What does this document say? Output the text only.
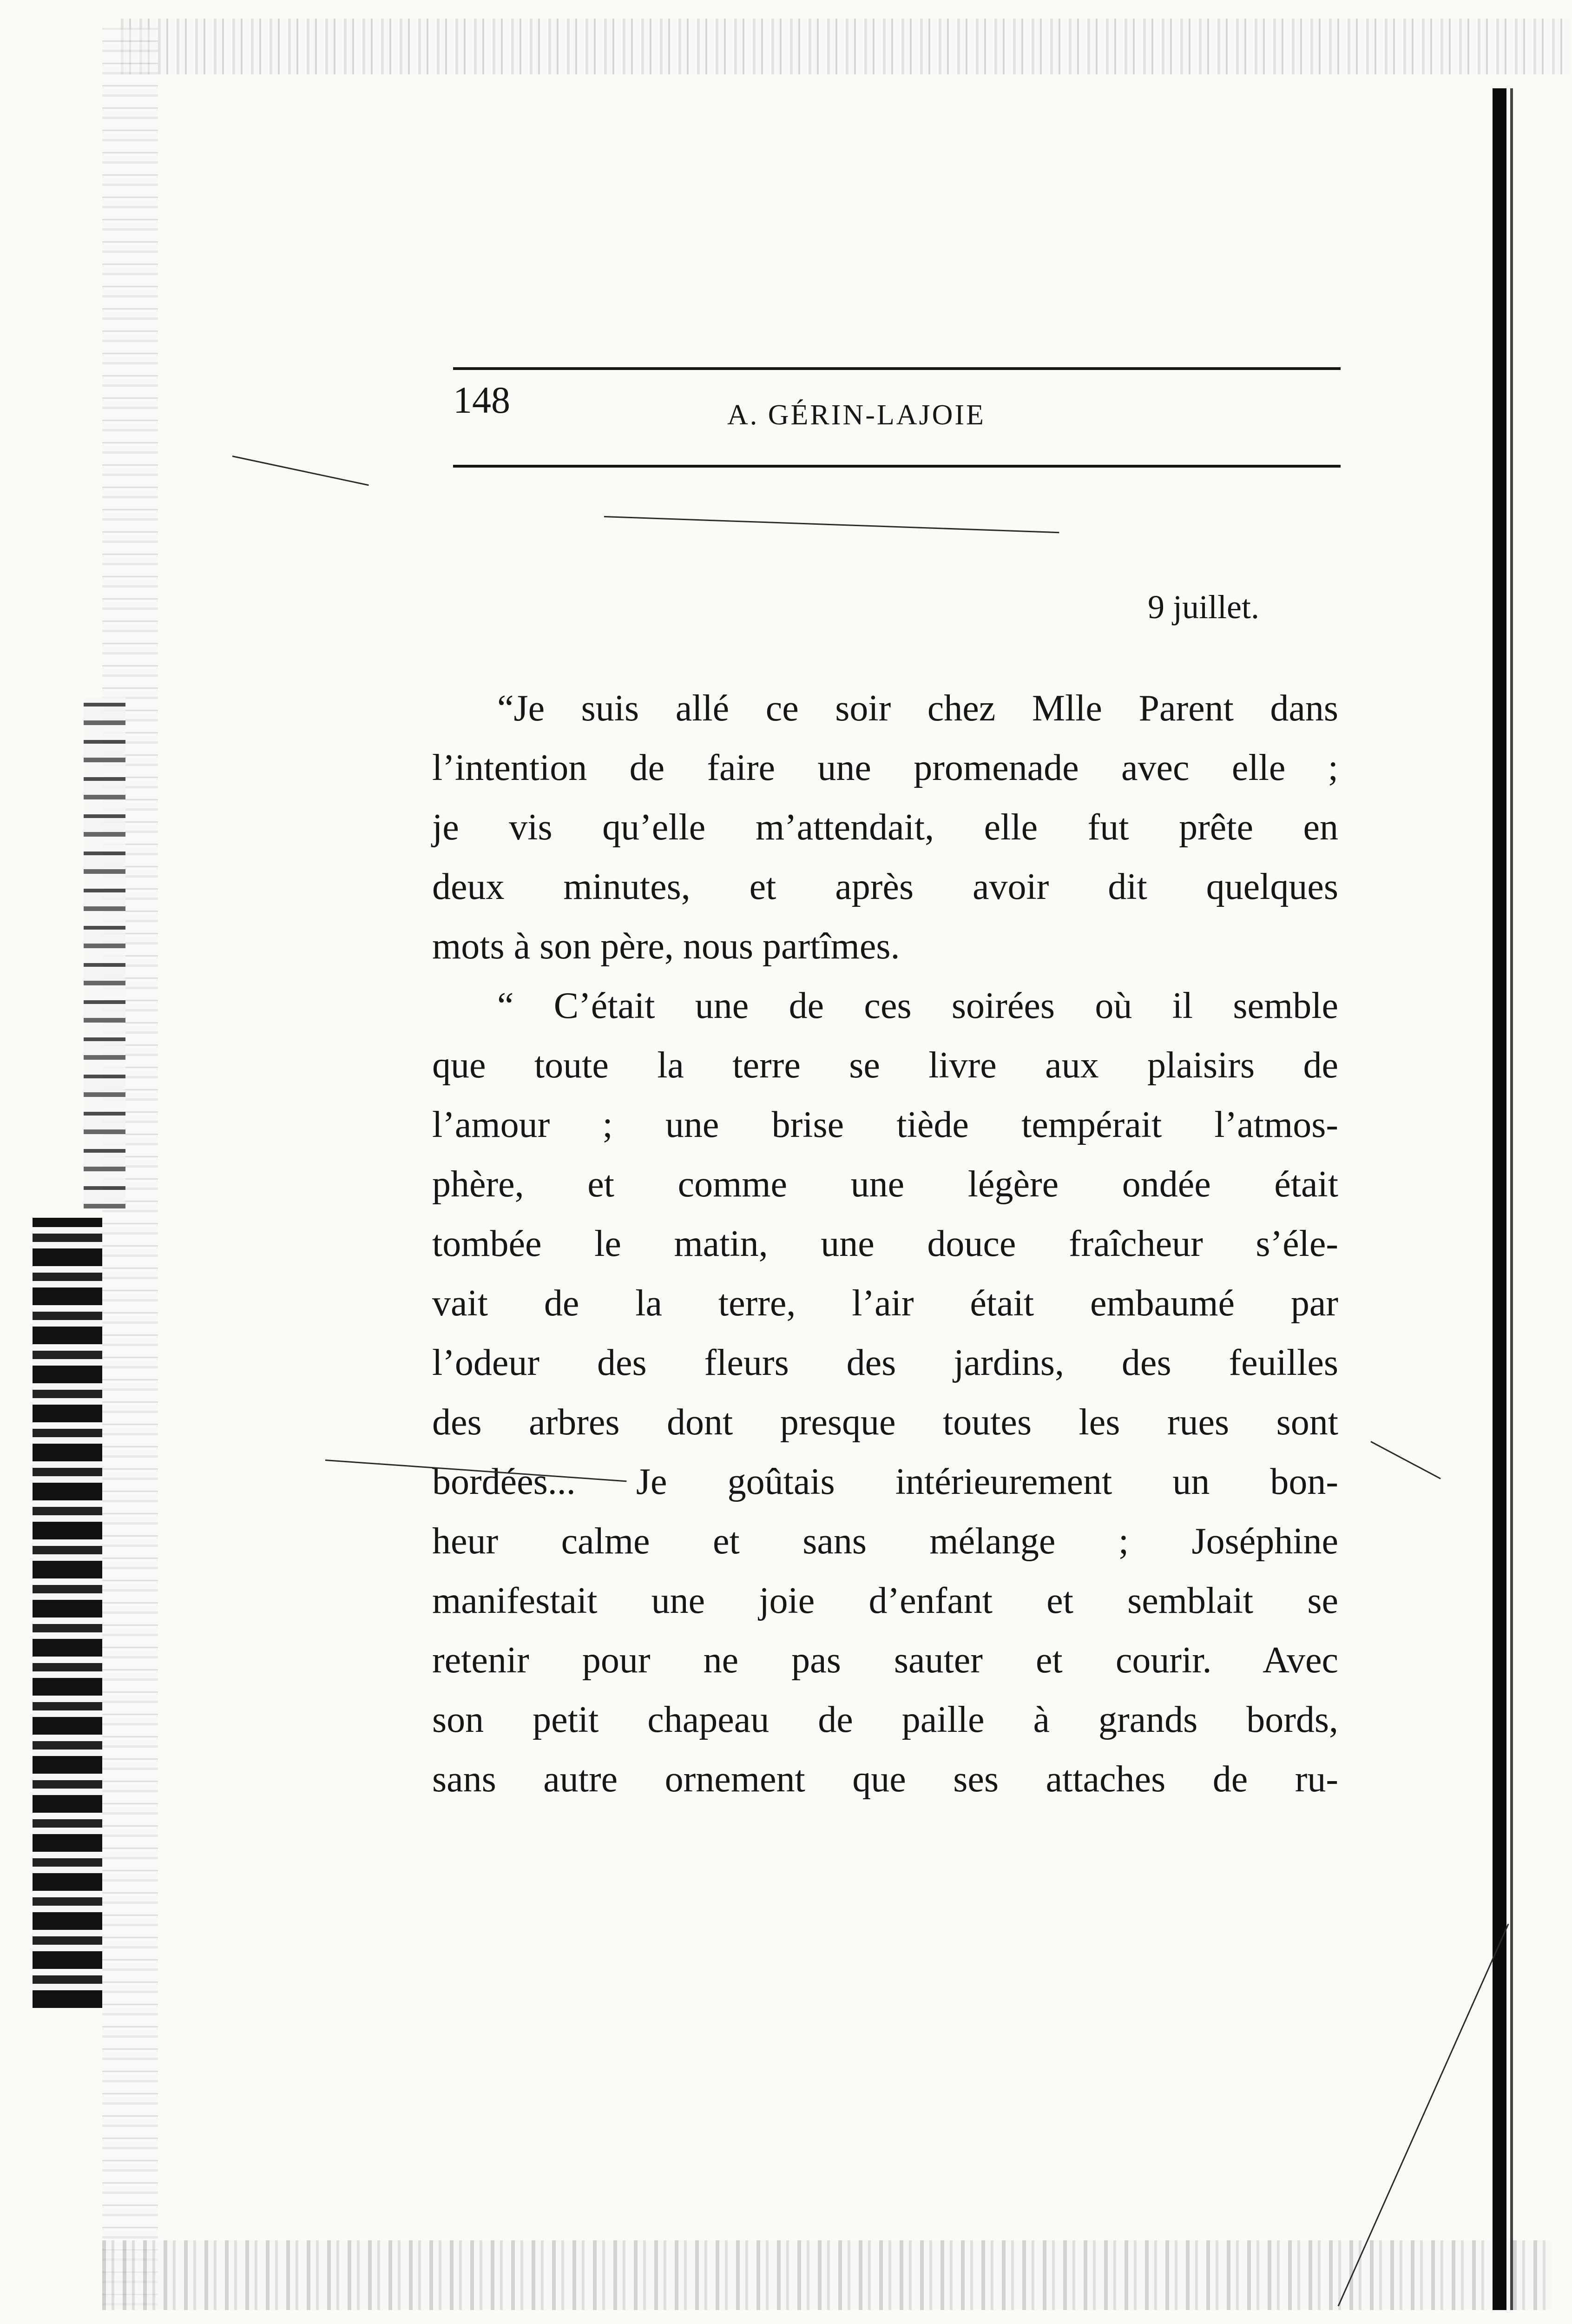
148	A. GÉRIN-LAJOIE
9 juillet.
“Je suis allé ce soir chez Mlle Parent dans
l’intention de faire une promenade avec elle ;
je vis qu’elle m’attendait, elle fut prête en
deux minutes, et après avoir dit quelques
mots à son père, nous partîmes.
“ C’était une de ces soirées où il semble
que toute la terre se livre aux plaisirs de
l’amour ; une brise tiède tempérait l’atmos-
phère, et comme une légère ondée était
tombée le matin, une douce fraîcheur s’éle-
vait de la terre, l’air était embaumé par
l’odeur des fleurs des jardins, des feuilles
des arbres dont presque toutes les rues sont
bordées... Je goûtais intérieurement un bon-
heur calme et sans mélange ; Joséphine
manifestait une joie d’enfant et semblait se
retenir pour ne pas sauter et courir. Avec
son petit chapeau de paille à grands bords,
sans autre ornement que ses attaches de ru-
